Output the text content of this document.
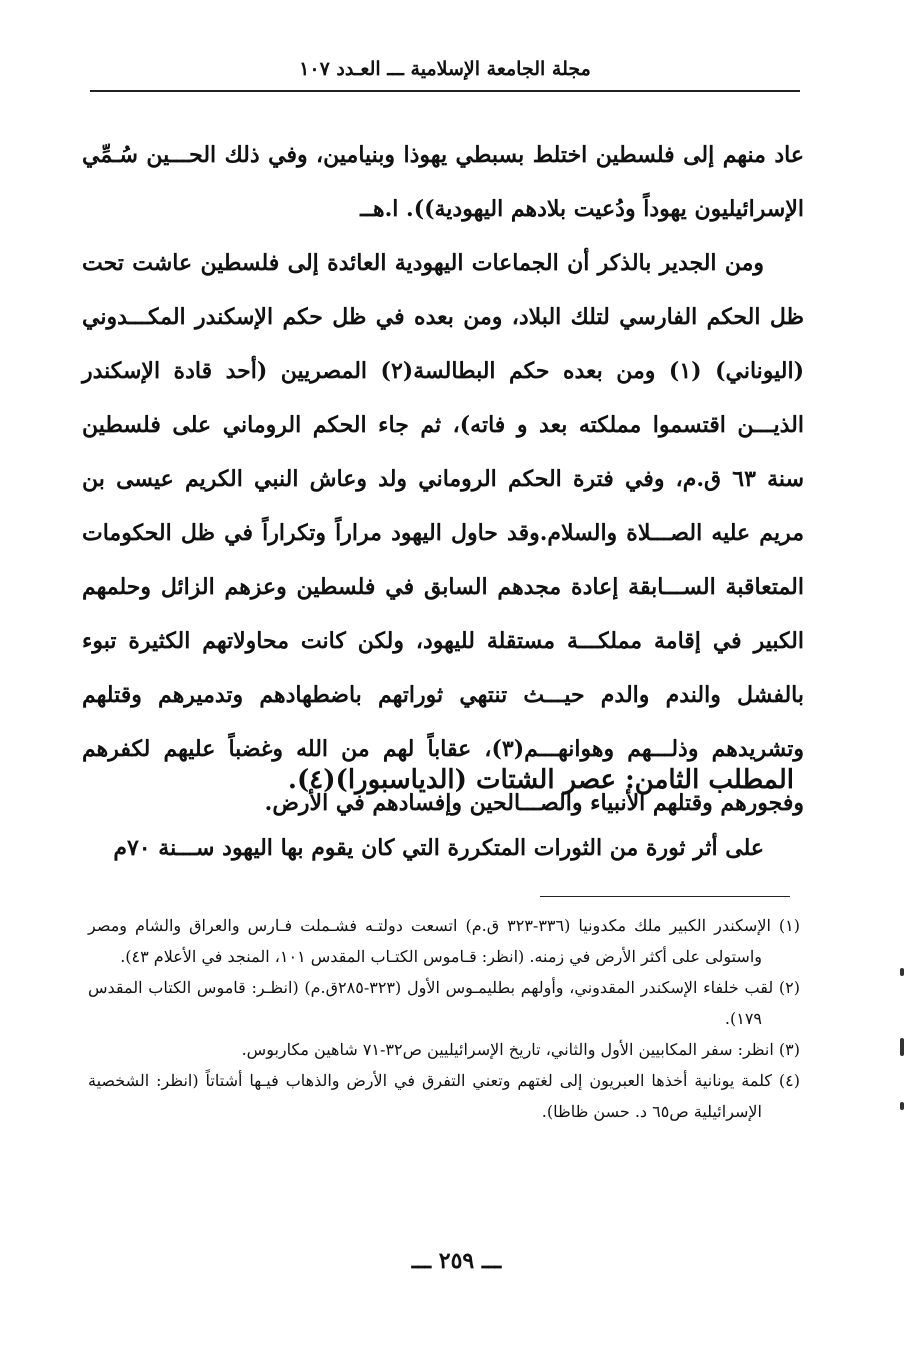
مجلة الجامعة الإسلامية ـــ العـدد ١٠٧

عاد منهم إلى فلسطين اختلط بسبطي يهوذا وبنيامين، وفي ذلك الحـــين سُـمِّي الإسرائيليون يهوداً ودُعيت بلادهم اليهودية)). ا.هــ

ومن الجدير بالذكر أن الجماعات اليهودية العائدة إلى فلسطين عاشت تحت ظل الحكم الفارسي لتلك البلاد، ومن بعده في ظل حكم الإسكندر المكـــدوني (اليوناني) (١) ومن بعده حكم البطالسة(٢) المصريين (أحد قادة الإسكندر الذيـــن اقتسموا مملكته بعد و فاته)، ثم جاء الحكم الروماني على فلسطين سنة ٦٣ ق.م، وفي فترة الحكم الروماني ولد وعاش النبي الكريم عيسى بن مريم عليه الصـــلاة والسلام.وقد حاول اليهود مراراً وتكراراً في ظل الحكومات المتعاقبة الســـابقة إعادة مجدهم السابق في فلسطين وعزهم الزائل وحلمهم الكبير في إقامة مملكـــة مستقلة لليهود، ولكن كانت محاولاتهم الكثيرة تبوء بالفشل والندم والدم حيـــث تنتهي ثوراتهم باضطهادهم وتدميرهم وقتلهم وتشريدهم وذلـــهم وهوانهـــم(٣)، عقاباً لهم من الله وغضباً عليهم لكفرهم وفجورهم وقتلهم الأنبياء والصـــالحين وإفسادهم في الأرض.

المطلب الثامن: عصر الشتات (الدياسبورا)(٤).
على أثر ثورة من الثورات المتكررة التي كان يقوم بها اليهود ســـنة ٧٠م

(١) الإسكندر الكبير ملك مكدونيا (٣٣٦-٣٢٣ ق.م) اتسعت دولتـه فشـملت فـارس والعراق والشام ومصر واستولى على أكثر الأرض في زمنه. (انظر: قـاموس الكتـاب المقدس ١٠١، المنجد في الأعلام ٤٣).

(٢) لقب خلفاء الإسكندر المقدوني، وأولهم بطليمـوس الأول (٣٢٣-٢٨٥ق.م) (انظـر: قاموس الكتاب المقدس ١٧٩).

(٣) انظر: سفر المكابيين الأول والثاني، تاريخ الإسرائيليين ص٣٢-٧١ شاهين مكاربوس.

(٤) كلمة يونانية أخذها العبريون إلى لغتهم وتعني التفرق في الأرض والذهاب فيـها أشتاتاً (انظر: الشخصية الإسرائيلية ص٦٥ د. حسن ظاظا).

ـــ ٢٥٩ ـــ
